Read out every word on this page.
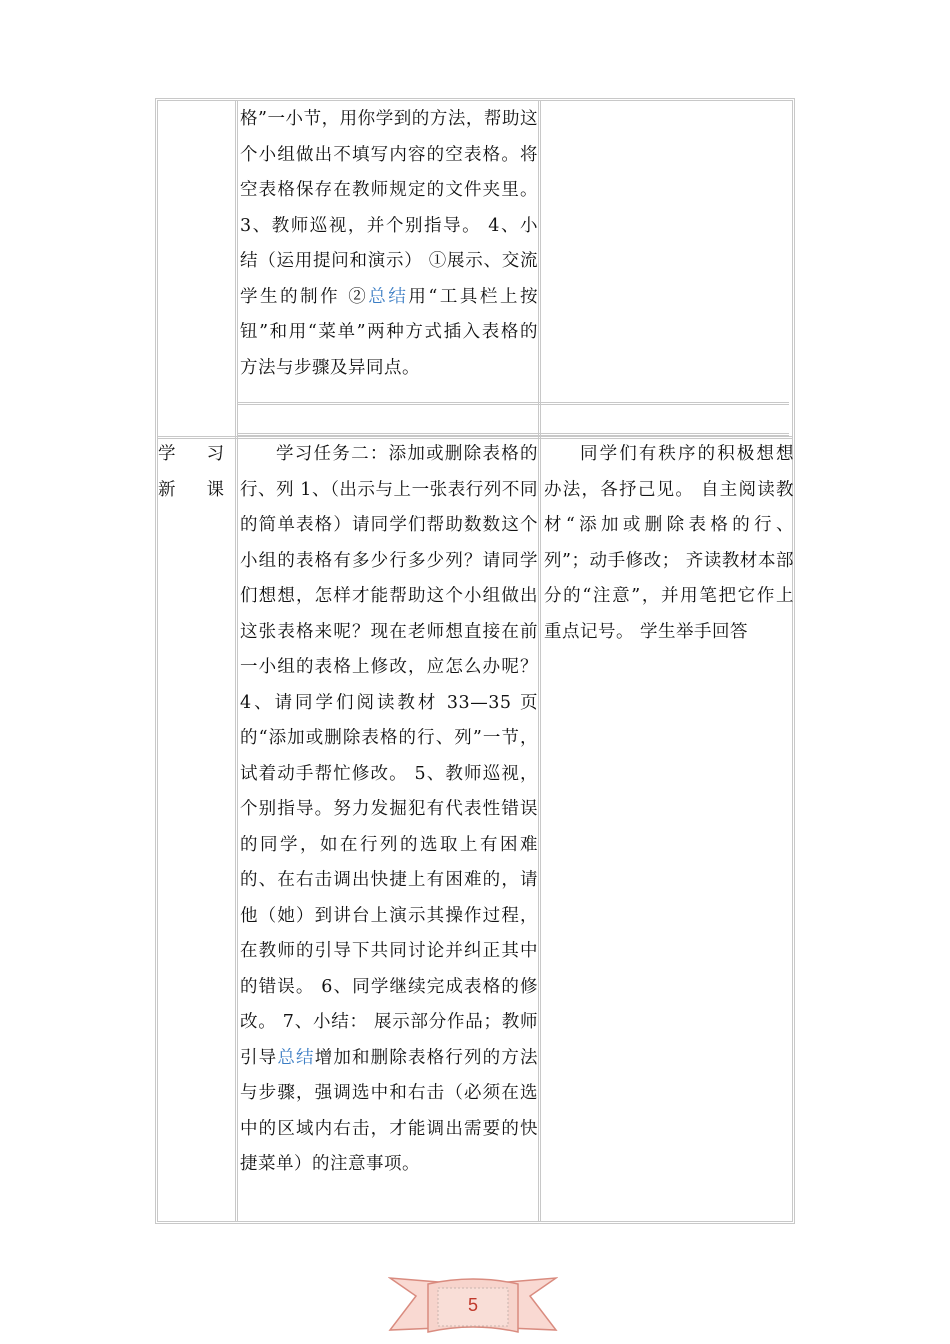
格”一小节，用你学到的方法，帮助这个小组做出不填写内容的空表格。将空表格保存在教师规定的文件夹里。 3、教师巡视，并个别指导。 4、小结（运用提问和演示） ①展示、交流学生的制作 ②总结用“工具栏上按钮”和用“菜单”两种方式插入表格的方法与步骤及异同点。
学习新课
学习任务二：添加或删除表格的行、列 1、（出示与上一张表行列不同的简单表格）请同学们帮助数数这个小组的表格有多少行多少列？请同学们想想，怎样才能帮助这个小组做出这张表格来呢？现在老师想直接在前一小组的表格上修改，应怎么办呢？ 4、请同学们阅读教材 33—35 页的“添加或删除表格的行、列”一节，试着动手帮忙修改。 5、教师巡视，个别指导。努力发掘犯有代表性错误的同学，如在行列的选取上有困难的、在右击调出快捷上有困难的，请他（她）到讲台上演示其操作过程，在教师的引导下共同讨论并纠正其中的错误。 6、同学继续完成表格的修改。 7、小结： 展示部分作品；教师引导总结增加和删除表格行列的方法与步骤，强调选中和右击（必须在选中的区域内右击，才能调出需要的快捷菜单）的注意事项。
同学们有秩序的积极想想办法，各抒己见。 自主阅读教材“添加或删除表格的行、列”；动手修改； 齐读教材本部分的“注意”，并用笔把它作上重点记号。 学生举手回答
5
